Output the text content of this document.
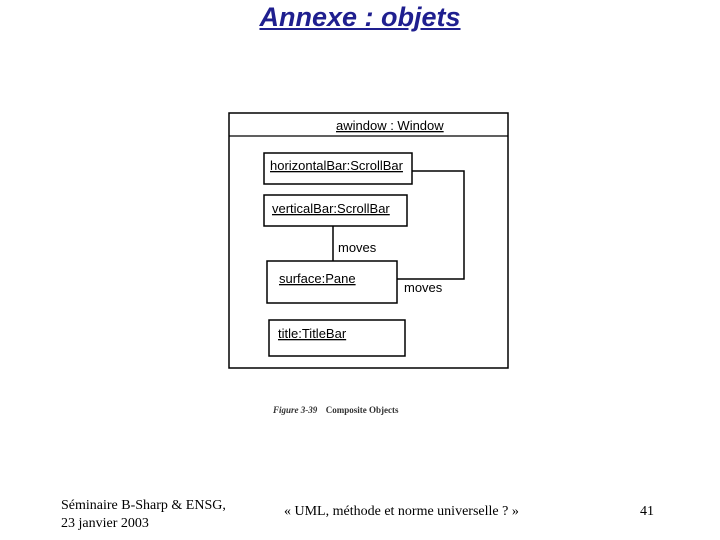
Annexe : objets
awindow : Window
horizontalBar:ScrollBar
verticalBar:ScrollBar
surface:Pane
title:TitleBar
moves
moves
Figure 3-39 Composite Objects
Séminaire B-Sharp & ENSG,
23 janvier 2003
« UML, méthode et norme universelle ? »	41
